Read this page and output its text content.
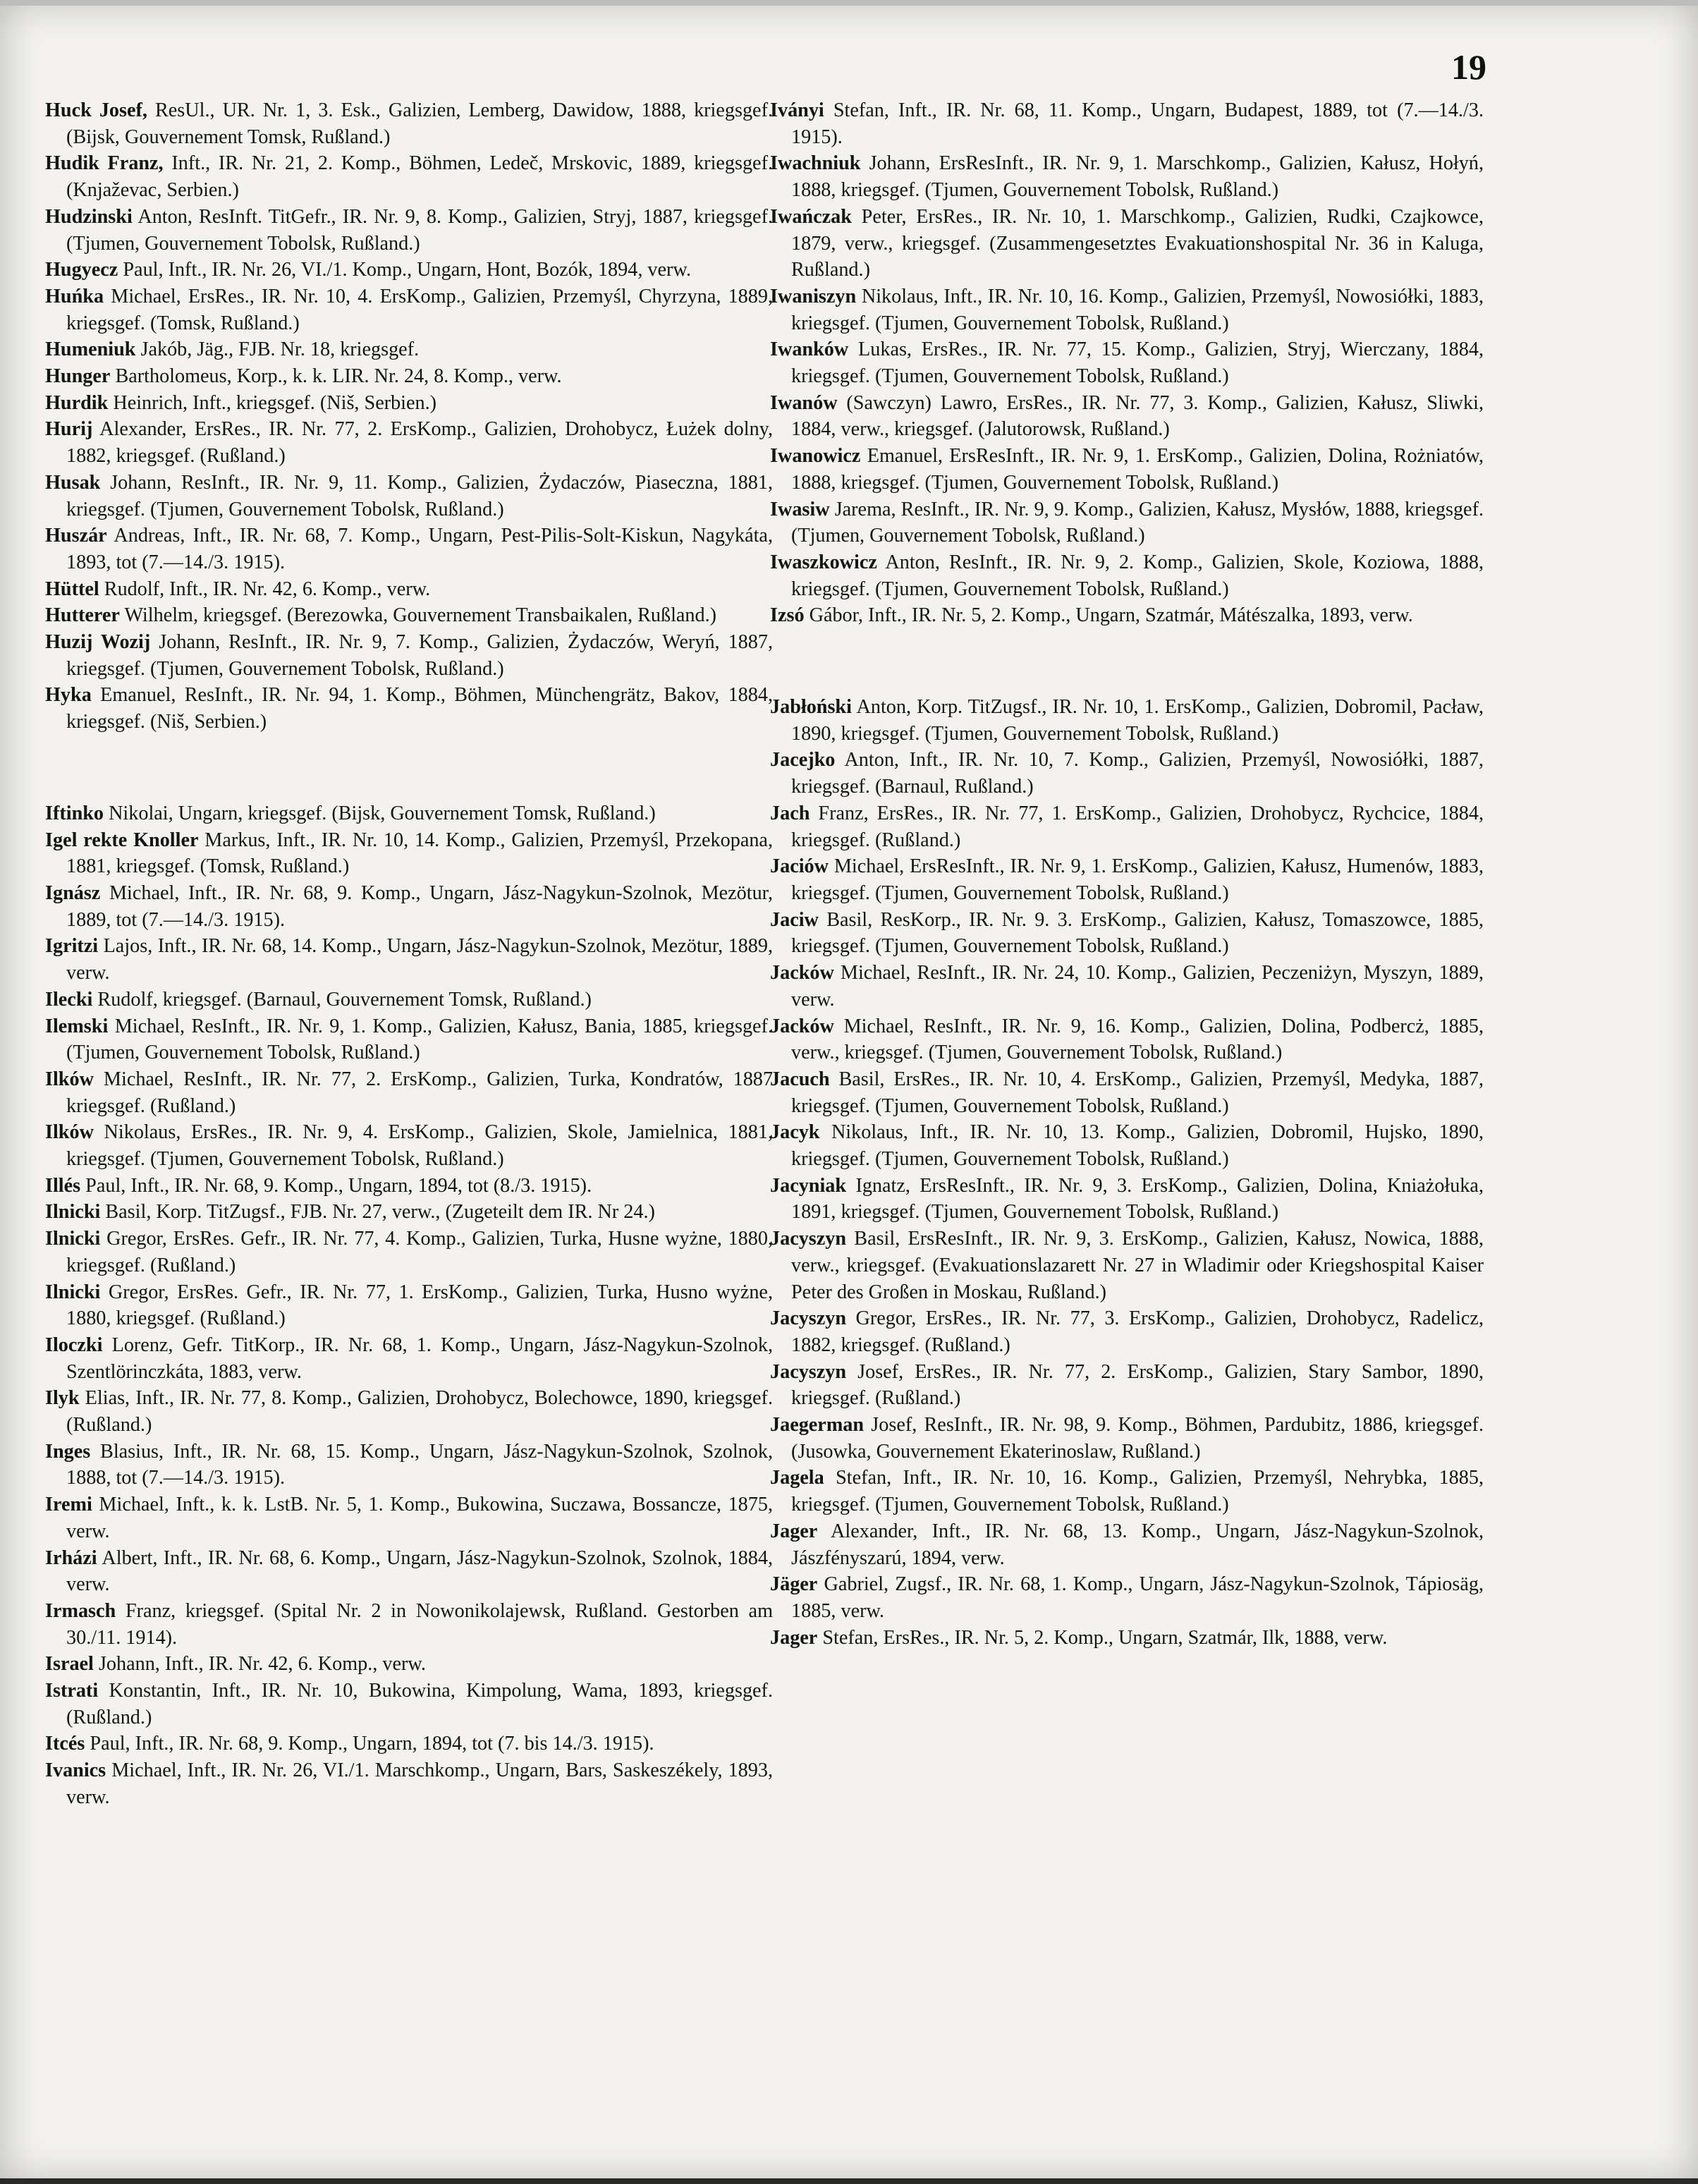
19

Huck Josef, ResUl., UR. Nr. 1, 3. Esk., Galizien, Lemberg, Dawidow, 1888, kriegsgef. (Bijsk, Gouvernement Tomsk, Rußland.)

Hudik Franz, Inft., IR. Nr. 21, 2. Komp., Böhmen, Ledeč, Mrskovic, 1889, kriegsgef. (Knjaževac, Serbien.)

Hudzinski Anton, ResInft. TitGefr., IR. Nr. 9, 8. Komp., Galizien, Stryj, 1887, kriegsgef. (Tjumen, Gouvernement Tobolsk, Rußland.)

Hugyecz Paul, Inft., IR. Nr. 26, VI./1. Komp., Ungarn, Hont, Bozók, 1894, verw.

Huńka Michael, ErsRes., IR. Nr. 10, 4. ErsKomp., Galizien, Przemyśl, Chyrzyna, 1889, kriegsgef. (Tomsk, Rußland.)

Humeniuk Jakób, Jäg., FJB. Nr. 18, kriegsgef.

Hunger Bartholomeus, Korp., k. k. LIR. Nr. 24, 8. Komp., verw.

Hurdik Heinrich, Inft., kriegsgef. (Niš, Serbien.)

Hurij Alexander, ErsRes., IR. Nr. 77, 2. ErsKomp., Galizien, Drohobycz, Łużek dolny, 1882, kriegsgef. (Rußland.)

Husak Johann, ResInft., IR. Nr. 9, 11. Komp., Galizien, Żydaczów, Piaseczna, 1881, kriegsgef. (Tjumen, Gouvernement Tobolsk, Rußland.)

Huszár Andreas, Inft., IR. Nr. 68, 7. Komp., Ungarn, Pest-Pilis-Solt-Kiskun, Nagykáta, 1893, tot (7.—14./3. 1915).

Hüttel Rudolf, Inft., IR. Nr. 42, 6. Komp., verw.

Hutterer Wilhelm, kriegsgef. (Berezowka, Gouvernement Transbaikalen, Rußland.)

Huzij Wozij Johann, ResInft., IR. Nr. 9, 7. Komp., Galizien, Żydaczów, Weryń, 1887, kriegsgef. (Tjumen, Gouvernement Tobolsk, Rußland.)

Hyka Emanuel, ResInft., IR. Nr. 94, 1. Komp., Böhmen, Münchengrätz, Bakov, 1884, kriegsgef. (Niš, Serbien.)

Iftinko Nikolai, Ungarn, kriegsgef. (Bijsk, Gouvernement Tomsk, Rußland.)

Igel rekte Knoller Markus, Inft., IR. Nr. 10, 14. Komp., Galizien, Przemyśl, Przekopana, 1881, kriegsgef. (Tomsk, Rußland.)

Ignász Michael, Inft., IR. Nr. 68, 9. Komp., Ungarn, Jász-Nagykun-Szolnok, Mezötur, 1889, tot (7.—14./3. 1915).

Igritzi Lajos, Inft., IR. Nr. 68, 14. Komp., Ungarn, Jász-Nagykun-Szolnok, Mezötur, 1889, verw.

Ilecki Rudolf, kriegsgef. (Barnaul, Gouvernement Tomsk, Rußland.)

Ilemski Michael, ResInft., IR. Nr. 9, 1. Komp., Galizien, Kałusz, Bania, 1885, kriegsgef. (Tjumen, Gouvernement Tobolsk, Rußland.)

Ilków Michael, ResInft., IR. Nr. 77, 2. ErsKomp., Galizien, Turka, Kondratów, 1887 kriegsgef. (Rußland.)

Ilków Nikolaus, ErsRes., IR. Nr. 9, 4. ErsKomp., Galizien, Skole, Jamielnica, 1881, kriegsgef. (Tjumen, Gouvernement Tobolsk, Rußland.)

Illés Paul, Inft., IR. Nr. 68, 9. Komp., Ungarn, 1894, tot (8./3. 1915).

Ilnicki Basil, Korp. TitZugsf., FJB. Nr. 27, verw., (Zugeteilt dem IR. Nr 24.)

Ilnicki Gregor, ErsRes. Gefr., IR. Nr. 77, 4. Komp., Galizien, Turka, Husne wyżne, 1880, kriegsgef. (Rußland.)

Ilnicki Gregor, ErsRes. Gefr., IR. Nr. 77, 1. ErsKomp., Galizien, Turka, Husno wyżne, 1880, kriegsgef. (Rußland.)

Iloczki Lorenz, Gefr. TitKorp., IR. Nr. 68, 1. Komp., Ungarn, Jász-Nagykun-Szolnok, Szentlörinczkáta, 1883, verw.

Ilyk Elias, Inft., IR. Nr. 77, 8. Komp., Galizien, Drohobycz, Bolechowce, 1890, kriegsgef. (Rußland.)

Inges Blasius, Inft., IR. Nr. 68, 15. Komp., Ungarn, Jász-Nagykun-Szolnok, Szolnok, 1888, tot (7.—14./3. 1915).

Iremi Michael, Inft., k. k. LstB. Nr. 5, 1. Komp., Bukowina, Suczawa, Bossancze, 1875, verw.

Irházi Albert, Inft., IR. Nr. 68, 6. Komp., Ungarn, Jász-Nagykun-Szolnok, Szolnok, 1884, verw.

Irmasch Franz, kriegsgef. (Spital Nr. 2 in Nowonikolajewsk, Rußland. Gestorben am 30./11. 1914).

Israel Johann, Inft., IR. Nr. 42, 6. Komp., verw.

Istrati Konstantin, Inft., IR. Nr. 10, Bukowina, Kimpolung, Wama, 1893, kriegsgef. (Rußland.)

Itcés Paul, Inft., IR. Nr. 68, 9. Komp., Ungarn, 1894, tot (7. bis 14./3. 1915).

Ivanics Michael, Inft., IR. Nr. 26, VI./1. Marschkomp., Ungarn, Bars, Saskeszékely, 1893, verw.

Iványi Stefan, Inft., IR. Nr. 68, 11. Komp., Ungarn, Budapest, 1889, tot (7.—14./3. 1915).

Iwachniuk Johann, ErsResInft., IR. Nr. 9, 1. Marschkomp., Galizien, Kałusz, Hołyń, 1888, kriegsgef. (Tjumen, Gouvernement Tobolsk, Rußland.)

Iwańczak Peter, ErsRes., IR. Nr. 10, 1. Marschkomp., Galizien, Rudki, Czajkowce, 1879, verw., kriegsgef. (Zusammengesetztes Evakuationshospital Nr. 36 in Kaluga, Rußland.)

Iwaniszyn Nikolaus, Inft., IR. Nr. 10, 16. Komp., Galizien, Przemyśl, Nowosiółki, 1883, kriegsgef. (Tjumen, Gouvernement Tobolsk, Rußland.)

Iwanków Lukas, ErsRes., IR. Nr. 77, 15. Komp., Galizien, Stryj, Wierczany, 1884, kriegsgef. (Tjumen, Gouvernement Tobolsk, Rußland.)

Iwanów (Sawczyn) Lawro, ErsRes., IR. Nr. 77, 3. Komp., Galizien, Kałusz, Sliwki, 1884, verw., kriegsgef. (Jalutorowsk, Rußland.)

Iwanowicz Emanuel, ErsResInft., IR. Nr. 9, 1. ErsKomp., Galizien, Dolina, Rożniatów, 1888, kriegsgef. (Tjumen, Gouvernement Tobolsk, Rußland.)

Iwasiw Jarema, ResInft., IR. Nr. 9, 9. Komp., Galizien, Kałusz, Mysłów, 1888, kriegsgef. (Tjumen, Gouvernement Tobolsk, Rußland.)

Iwaszkowicz Anton, ResInft., IR. Nr. 9, 2. Komp., Galizien, Skole, Koziowa, 1888, kriegsgef. (Tjumen, Gouvernement Tobolsk, Rußland.)

Izsó Gábor, Inft., IR. Nr. 5, 2. Komp., Ungarn, Szatmár, Mátészalka, 1893, verw.

Jabłoński Anton, Korp. TitZugsf., IR. Nr. 10, 1. ErsKomp., Galizien, Dobromil, Pacław, 1890, kriegsgef. (Tjumen, Gouvernement Tobolsk, Rußland.)

Jacejko Anton, Inft., IR. Nr. 10, 7. Komp., Galizien, Przemyśl, Nowosiółki, 1887, kriegsgef. (Barnaul, Rußland.)

Jach Franz, ErsRes., IR. Nr. 77, 1. ErsKomp., Galizien, Drohobycz, Rychcice, 1884, kriegsgef. (Rußland.)

Jaciów Michael, ErsResInft., IR. Nr. 9, 1. ErsKomp., Galizien, Kałusz, Humenów, 1883, kriegsgef. (Tjumen, Gouvernement Tobolsk, Rußland.)

Jaciw Basil, ResKorp., IR. Nr. 9. 3. ErsKomp., Galizien, Kałusz, Tomaszowce, 1885, kriegsgef. (Tjumen, Gouvernement Tobolsk, Rußland.)

Jacków Michael, ResInft., IR. Nr. 24, 10. Komp., Galizien, Peczeniżyn, Myszyn, 1889, verw.

Jacków Michael, ResInft., IR. Nr. 9, 16. Komp., Galizien, Dolina, Podbercż, 1885, verw., kriegsgef. (Tjumen, Gouvernement Tobolsk, Rußland.)

Jacuch Basil, ErsRes., IR. Nr. 10, 4. ErsKomp., Galizien, Przemyśl, Medyka, 1887, kriegsgef. (Tjumen, Gouvernement Tobolsk, Rußland.)

Jacyk Nikolaus, Inft., IR. Nr. 10, 13. Komp., Galizien, Dobromil, Hujsko, 1890, kriegsgef. (Tjumen, Gouvernement Tobolsk, Rußland.)

Jacyniak Ignatz, ErsResInft., IR. Nr. 9, 3. ErsKomp., Galizien, Dolina, Kniażołuka, 1891, kriegsgef. (Tjumen, Gouvernement Tobolsk, Rußland.)

Jacyszyn Basil, ErsResInft., IR. Nr. 9, 3. ErsKomp., Galizien, Kałusz, Nowica, 1888, verw., kriegsgef. (Evakuationslazarett Nr. 27 in Wladimir oder Kriegshospital Kaiser Peter des Großen in Moskau, Rußland.)

Jacyszyn Gregor, ErsRes., IR. Nr. 77, 3. ErsKomp., Galizien, Drohobycz, Radelicz, 1882, kriegsgef. (Rußland.)

Jacyszyn Josef, ErsRes., IR. Nr. 77, 2. ErsKomp., Galizien, Stary Sambor, 1890, kriegsgef. (Rußland.)

Jaegerman Josef, ResInft., IR. Nr. 98, 9. Komp., Böhmen, Pardubitz, 1886, kriegsgef. (Jusowka, Gouvernement Ekaterinoslaw, Rußland.)

Jagela Stefan, Inft., IR. Nr. 10, 16. Komp., Galizien, Przemyśl, Nehrybka, 1885, kriegsgef. (Tjumen, Gouvernement Tobolsk, Rußland.)

Jager Alexander, Inft., IR. Nr. 68, 13. Komp., Ungarn, Jász-Nagykun-Szolnok, Jászfényszarú, 1894, verw.

Jäger Gabriel, Zugsf., IR. Nr. 68, 1. Komp., Ungarn, Jász-Nagykun-Szolnok, Tápiosäg, 1885, verw.

Jager Stefan, ErsRes., IR. Nr. 5, 2. Komp., Ungarn, Szatmár, Ilk, 1888, verw.
